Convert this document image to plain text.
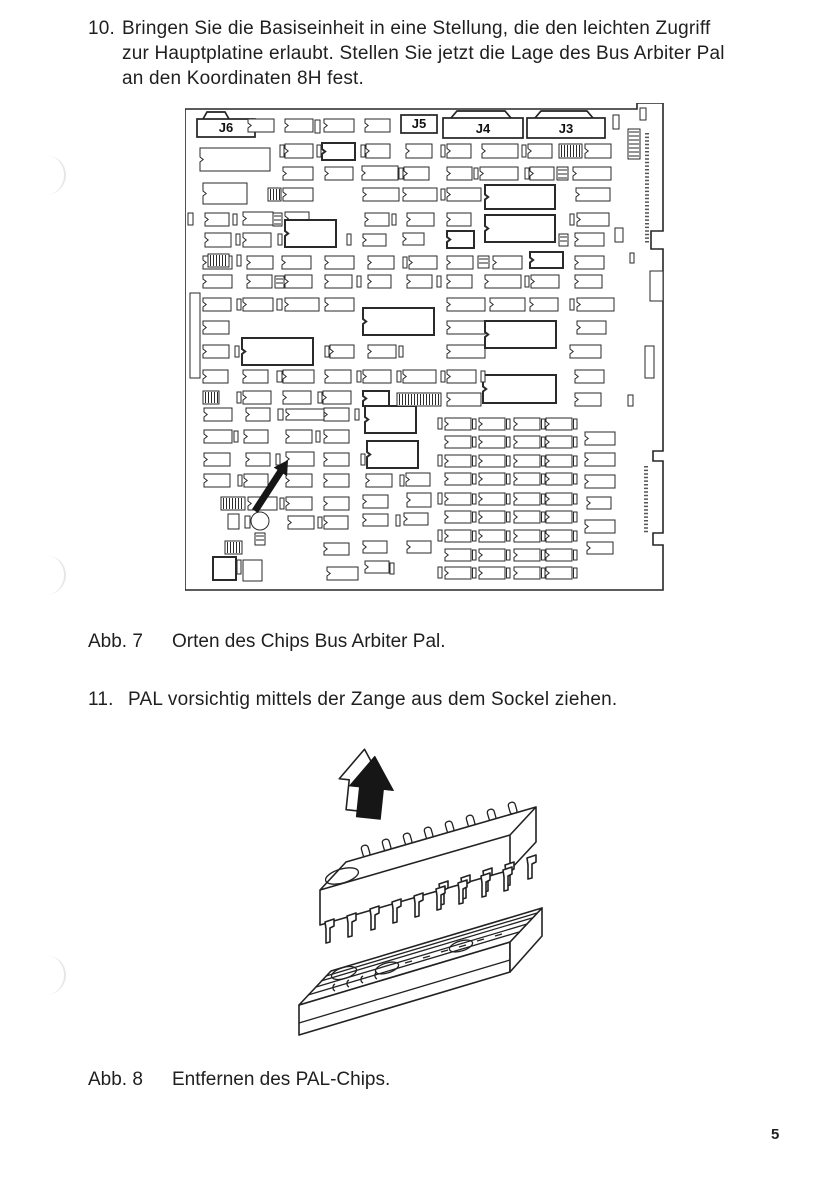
10. Bringen Sie die Basiseinheit in eine Stellung, die den leichten Zugriff
zur Hauptplatine erlaubt. Stellen Sie jetzt die Lage des Bus Arbiter Pal
an den Koordinaten 8H fest.
J6	J5	J4	J3
Abb. 7 Orten des Chips Bus Arbiter Pal.
11. PAL vorsichtig mittels der Zange aus dem Sockel ziehen.
Abb. 8 Entfernen des PAL-Chips.
5
